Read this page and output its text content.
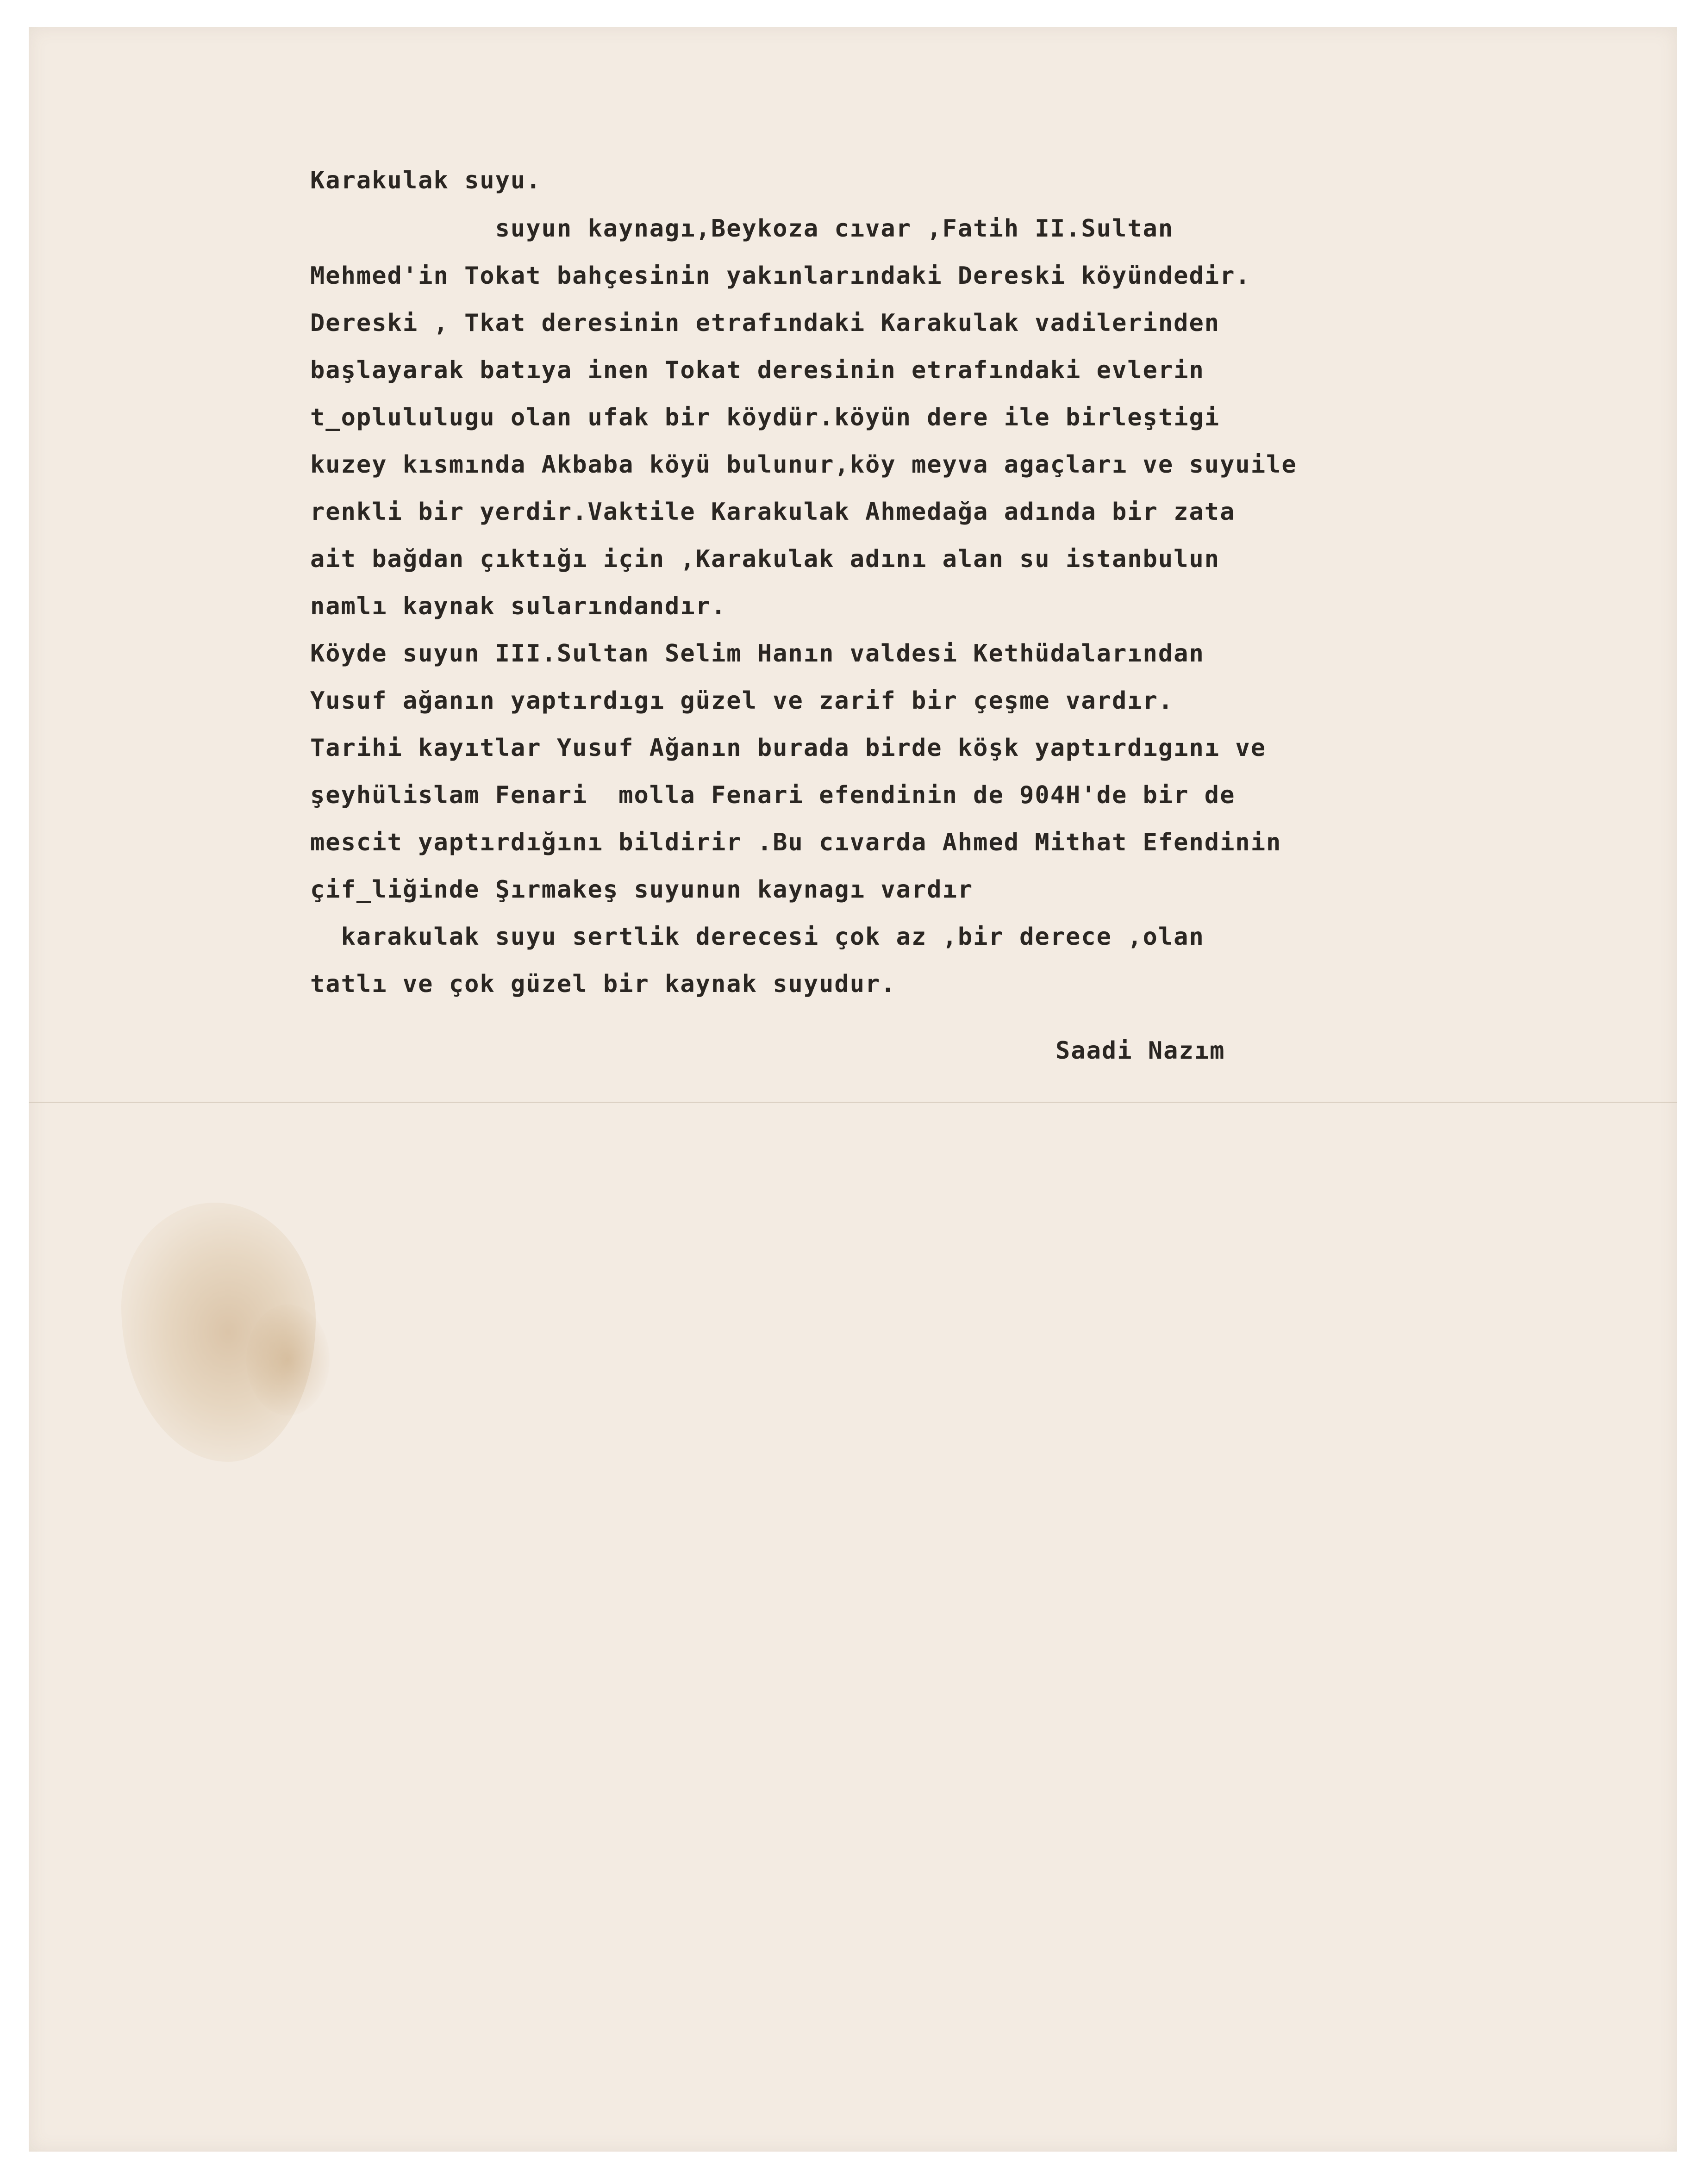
Karakulak suyu.
suyun kaynagı,Beykoza cıvar ,Fatih II.Sultan
Mehmed'in Tokat bahçesinin yakınlarındaki Dereski köyündedir.
Dereski , Tkat deresinin etrafındaki Karakulak vadilerinden
başlayarak batıya inen Tokat deresinin etrafındaki evlerin
t_oplululugu olan ufak bir köydür.köyün dere ile birleştigi
kuzey kısmında Akbaba köyü bulunur,köy meyva agaçları ve suyuile
renkli bir yerdir.Vaktile Karakulak Ahmedağa adında bir zata
ait bağdan çıktığı için ,Karakulak adını alan su istanbulun
namlı kaynak sularındandır.
Köyde suyun III.Sultan Selim Hanın valdesi Kethüdalarından
Yusuf ağanın yaptırdıgı güzel ve zarif bir çeşme vardır.
Tarihi kayıtlar Yusuf Ağanın burada birde köşk yaptırdıgını ve
şeyhülislam Fenari  molla Fenari efendinin de 904H'de bir de
mescit yaptırdığını bildirir .Bu cıvarda Ahmed Mithat Efendinin
çif_liğinde Şırmakeş suyunun kaynagı vardır
karakulak suyu sertlik derecesi çok az ,bir derece ,olan
tatlı ve çok güzel bir kaynak suyudur.
Saadi Nazım
